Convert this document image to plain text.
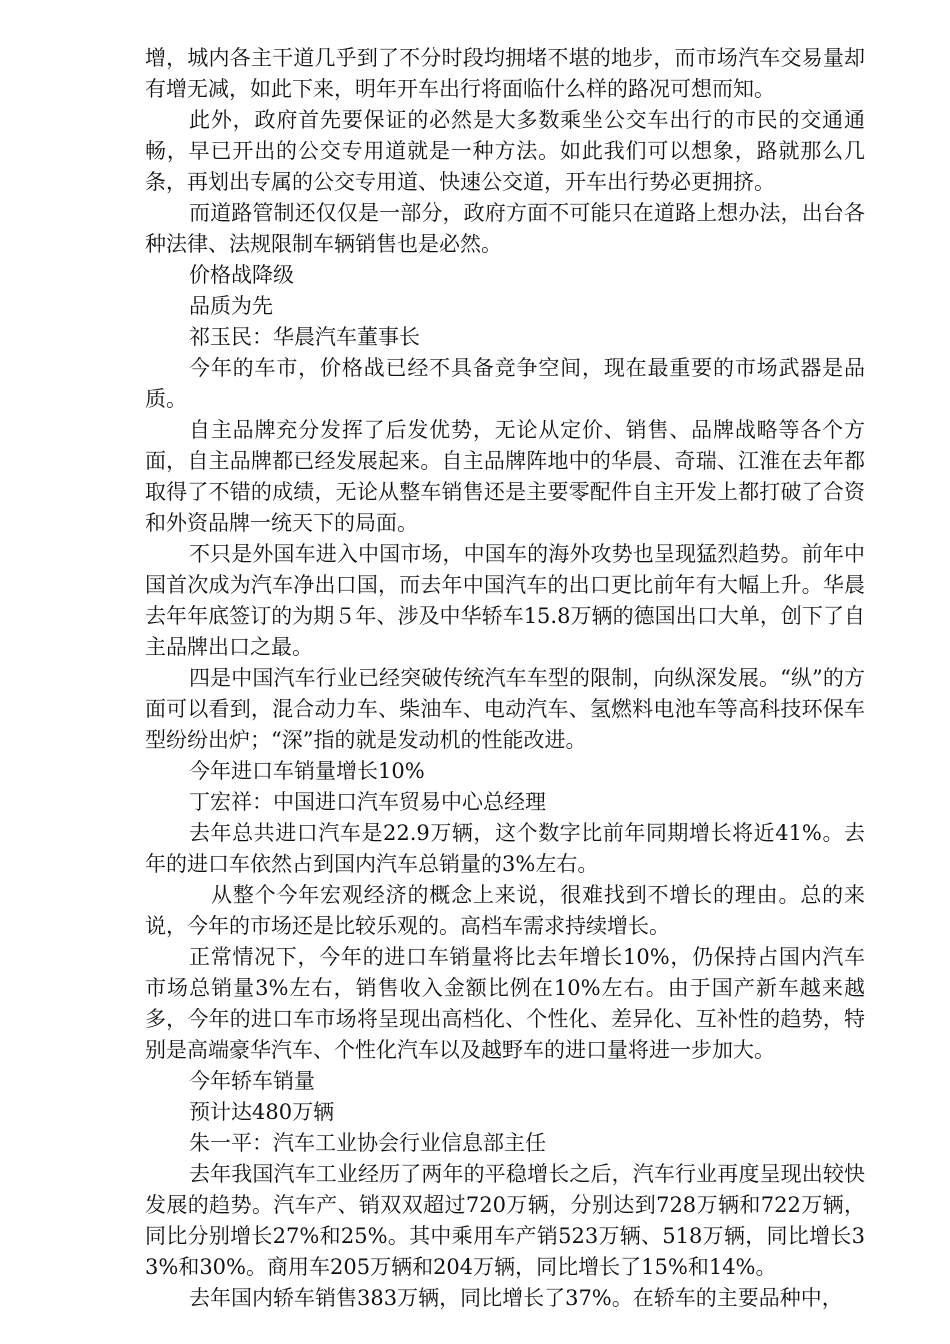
增，城内各主干道几乎到了不分时段均拥堵不堪的地步，而市场汽车交易量却有增无减，如此下来，明年开车出行将面临什么样的路况可想而知。

此外，政府首先要保证的必然是大多数乘坐公交车出行的市民的交通通畅，早已开出的公交专用道就是一种方法。如此我们可以想象，路就那么几条，再划出专属的公交专用道、快速公交道，开车出行势必更拥挤。

而道路管制还仅仅是一部分，政府方面不可能只在道路上想办法，出台各种法律、法规限制车辆销售也是必然。

价格战降级

品质为先

祁玉民：华晨汽车董事长

今年的车市，价格战已经不具备竞争空间，现在最重要的市场武器是品质。

自主品牌充分发挥了后发优势，无论从定价、销售、品牌战略等各个方面，自主品牌都已经发展起来。自主品牌阵地中的华晨、奇瑞、江淮在去年都取得了不错的成绩，无论从整车销售还是主要零配件自主开发上都打破了合资和外资品牌一统天下的局面。

不只是外国车进入中国市场，中国车的海外攻势也呈现猛烈趋势。前年中国首次成为汽车净出口国，而去年中国汽车的出口更比前年有大幅上升。华晨去年年底签订的为期５年、涉及中华轿车15.8万辆的德国出口大单，创下了自主品牌出口之最。

四是中国汽车行业已经突破传统汽车车型的限制，向纵深发展。“纵”的方面可以看到，混合动力车、柴油车、电动汽车、氢燃料电池车等高科技环保车型纷纷出炉；“深”指的就是发动机的性能改进。

今年进口车销量增长10%

丁宏祥：中国进口汽车贸易中心总经理

去年总共进口汽车是22.9万辆，这个数字比前年同期增长将近41%。去年的进口车依然占到国内汽车总销量的3%左右。

从整个今年宏观经济的概念上来说，很难找到不增长的理由。总的来说，今年的市场还是比较乐观的。高档车需求持续增长。

正常情况下，今年的进口车销量将比去年增长10%，仍保持占国内汽车市场总销量3%左右，销售收入金额比例在10%左右。由于国产新车越来越多，今年的进口车市场将呈现出高档化、个性化、差异化、互补性的趋势，特别是高端豪华汽车、个性化汽车以及越野车的进口量将进一步加大。

今年轿车销量

预计达480万辆

朱一平：汽车工业协会行业信息部主任

去年我国汽车工业经历了两年的平稳增长之后，汽车行业再度呈现出较快发展的趋势。汽车产、销双双超过720万辆，分别达到728万辆和722万辆，同比分别增长27%和25%。其中乘用车产销523万辆、518万辆，同比增长33%和30%。商用车205万辆和204万辆，同比增长了15%和14%。

去年国内轿车销售383万辆，同比增长了37%。在轿车的主要品种中，
